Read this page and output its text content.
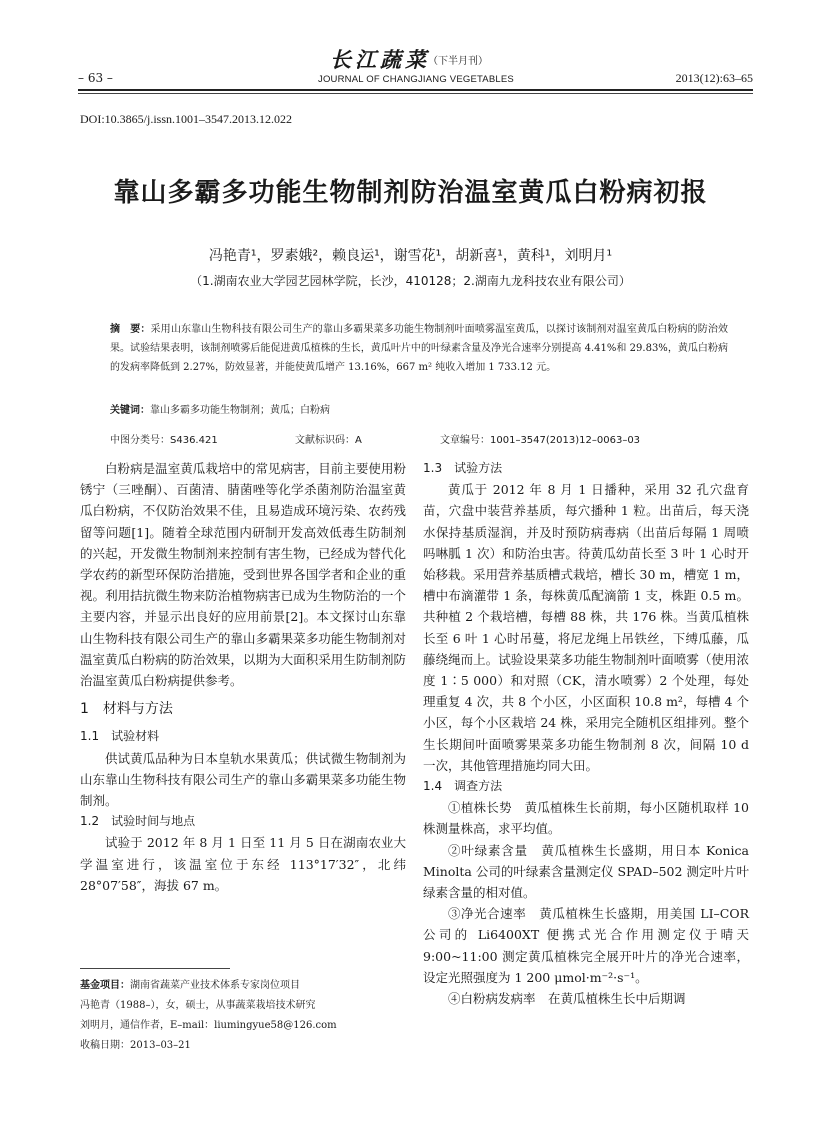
长江蔬菜
（下半月刊）
– 63 –	JOURNAL OF CHANGJIANG VEGETABLES	2013(12):63–65
DOI:10.3865/j.issn.1001–3547.2013.12.022
靠山多霸多功能生物制剂防治温室黄瓜白粉病初报
冯艳青¹，罗素娥²，赖良运¹，谢雪花¹，胡新喜¹，黄科¹，刘明月¹
（1.湖南农业大学园艺园林学院，长沙，410128；2.湖南九龙科技农业有限公司）
摘　要：采用山东靠山生物科技有限公司生产的靠山多霸果菜多功能生物制剂叶面喷雾温室黄瓜，以探讨该制剂对温室黄瓜白粉病的防治效果。试验结果表明，该制剂喷雾后能促进黄瓜植株的生长，黄瓜叶片中的叶绿素含量及净光合速率分别提高 4.41%和 29.83%，黄瓜白粉病的发病率降低到 2.27%，防效显著，并能使黄瓜增产 13.16%，667 m² 纯收入增加 1 733.12 元。
关键词：靠山多霸多功能生物制剂；黄瓜；白粉病
中图分类号：S436.421	文献标识码：A	文章编号：1001–3547(2013)12–0063–03

白粉病是温室黄瓜栽培中的常见病害，目前主要使用粉锈宁（三唑酮）、百菌清、腈菌唑等化学杀菌剂防治温室黄瓜白粉病，不仅防治效果不佳，且易造成环境污染、农药残留等问题[1]。随着全球范围内研制开发高效低毒生防制剂的兴起，开发微生物制剂来控制有害生物，已经成为替代化学农药的新型环保防治措施，受到世界各国学者和企业的重视。利用拮抗微生物来防治植物病害已成为生物防治的一个主要内容，并显示出良好的应用前景[2]。本文探讨山东靠山生物科技有限公司生产的靠山多霸果菜多功能生物制剂对温室黄瓜白粉病的防治效果，以期为大面积采用生防制剂防治温室黄瓜白粉病提供参考。

1　材料与方法

1.1　试验材料

供试黄瓜品种为日本皇轨水果黄瓜；供试微生物制剂为山东靠山生物科技有限公司生产的靠山多霸果菜多功能生物制剂。

1.2　试验时间与地点

试验于 2012 年 8 月 1 日至 11 月 5 日在湖南农业大学温室进行，该温室位于东经 113°17′32″，北纬 28°07′58″，海拔 67 m。

基金项目：湖南省蔬菜产业技术体系专家岗位项目
冯艳青（1988–），女，硕士，从事蔬菜栽培技术研究
刘明月，通信作者，E–mail：liumingyue58@126.com
收稿日期：2013–03–21

1.3　试验方法

黄瓜于 2012 年 8 月 1 日播种，采用 32 孔穴盘育苗，穴盘中装营养基质，每穴播种 1 粒。出苗后，每天浇水保持基质湿润，并及时预防病毒病（出苗后每隔 1 周喷吗啉胍 1 次）和防治虫害。待黄瓜幼苗长至 3 叶 1 心时开始移栽。采用营养基质槽式栽培，槽长 30 m，槽宽 1 m，槽中布滴灌带 1 条，每株黄瓜配滴箭 1 支，株距 0.5 m。共种植 2 个栽培槽，每槽 88 株，共 176 株。当黄瓜植株长至 6 叶 1 心时吊蔓，将尼龙绳上吊铁丝，下缚瓜藤，瓜藤绕绳而上。试验设果菜多功能生物制剂叶面喷雾（使用浓度 1∶5 000）和对照（CK，清水喷雾）2 个处理，每处理重复 4 次，共 8 个小区，小区面积 10.8 m²，每槽 4 个小区，每个小区栽培 24 株，采用完全随机区组排列。整个生长期间叶面喷雾果菜多功能生物制剂 8 次，间隔 10 d 一次，其他管理措施均同大田。

1.4　调查方法

①植株长势　黄瓜植株生长前期，每小区随机取样 10 株测量株高，求平均值。

②叶绿素含量　黄瓜植株生长盛期，用日本 Konica Minolta 公司的叶绿素含量测定仪 SPAD–502 测定叶片叶绿素含量的相对值。

③净光合速率　黄瓜植株生长盛期，用美国 LI–COR 公司的 Li6400XT 便携式光合作用测定仪于晴天 9:00~11:00 测定黄瓜植株完全展开叶片的净光合速率，设定光照强度为 1 200 μmol·m⁻²·s⁻¹。

④白粉病发病率　在黄瓜植株生长中后期调
